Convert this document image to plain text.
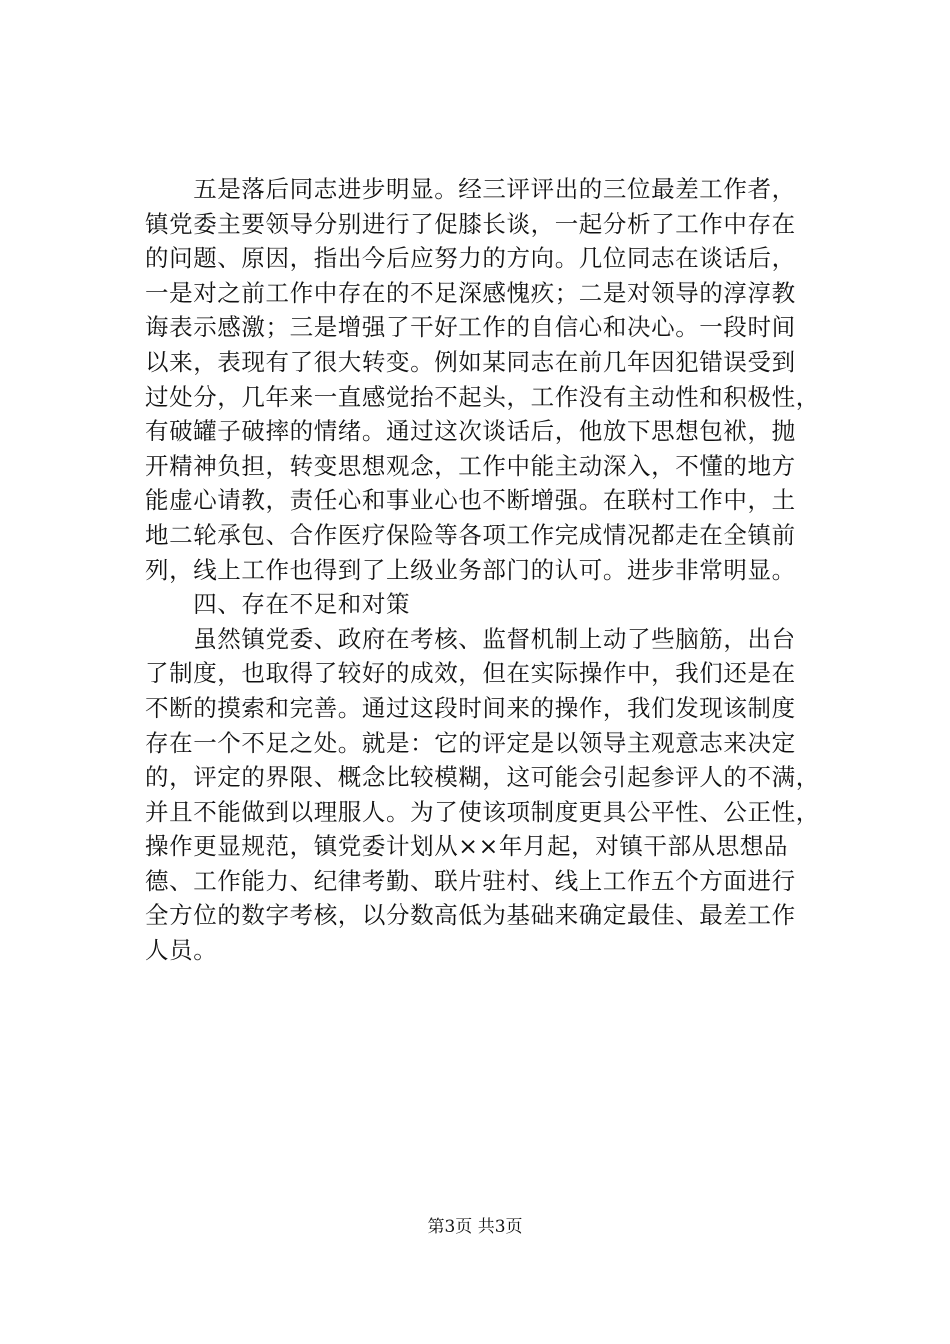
　　五是落后同志进步明显。经三评评出的三位最差工作者，
镇党委主要领导分别进行了促膝长谈，一起分析了工作中存在
的问题、原因，指出今后应努力的方向。几位同志在谈话后，
一是对之前工作中存在的不足深感愧疚；二是对领导的淳淳教
诲表示感激；三是增强了干好工作的自信心和决心。一段时间
以来，表现有了很大转变。例如某同志在前几年因犯错误受到
过处分，几年来一直感觉抬不起头，工作没有主动性和积极性，
有破罐子破摔的情绪。通过这次谈话后，他放下思想包袱，抛
开精神负担，转变思想观念，工作中能主动深入，不懂的地方
能虚心请教，责任心和事业心也不断增强。在联村工作中，土
地二轮承包、合作医疗保险等各项工作完成情况都走在全镇前
列，线上工作也得到了上级业务部门的认可。进步非常明显。
　　四、存在不足和对策
　　虽然镇党委、政府在考核、监督机制上动了些脑筋，出台
了制度，也取得了较好的成效，但在实际操作中，我们还是在
不断的摸索和完善。通过这段时间来的操作，我们发现该制度
存在一个不足之处。就是：它的评定是以领导主观意志来决定
的，评定的界限、概念比较模糊，这可能会引起参评人的不满，
并且不能做到以理服人。为了使该项制度更具公平性、公正性，
操作更显规范，镇党委计划从××年月起，对镇干部从思想品
德、工作能力、纪律考勤、联片驻村、线上工作五个方面进行
全方位的数字考核，以分数高低为基础来确定最佳、最差工作
人员。
第3页 共3页
